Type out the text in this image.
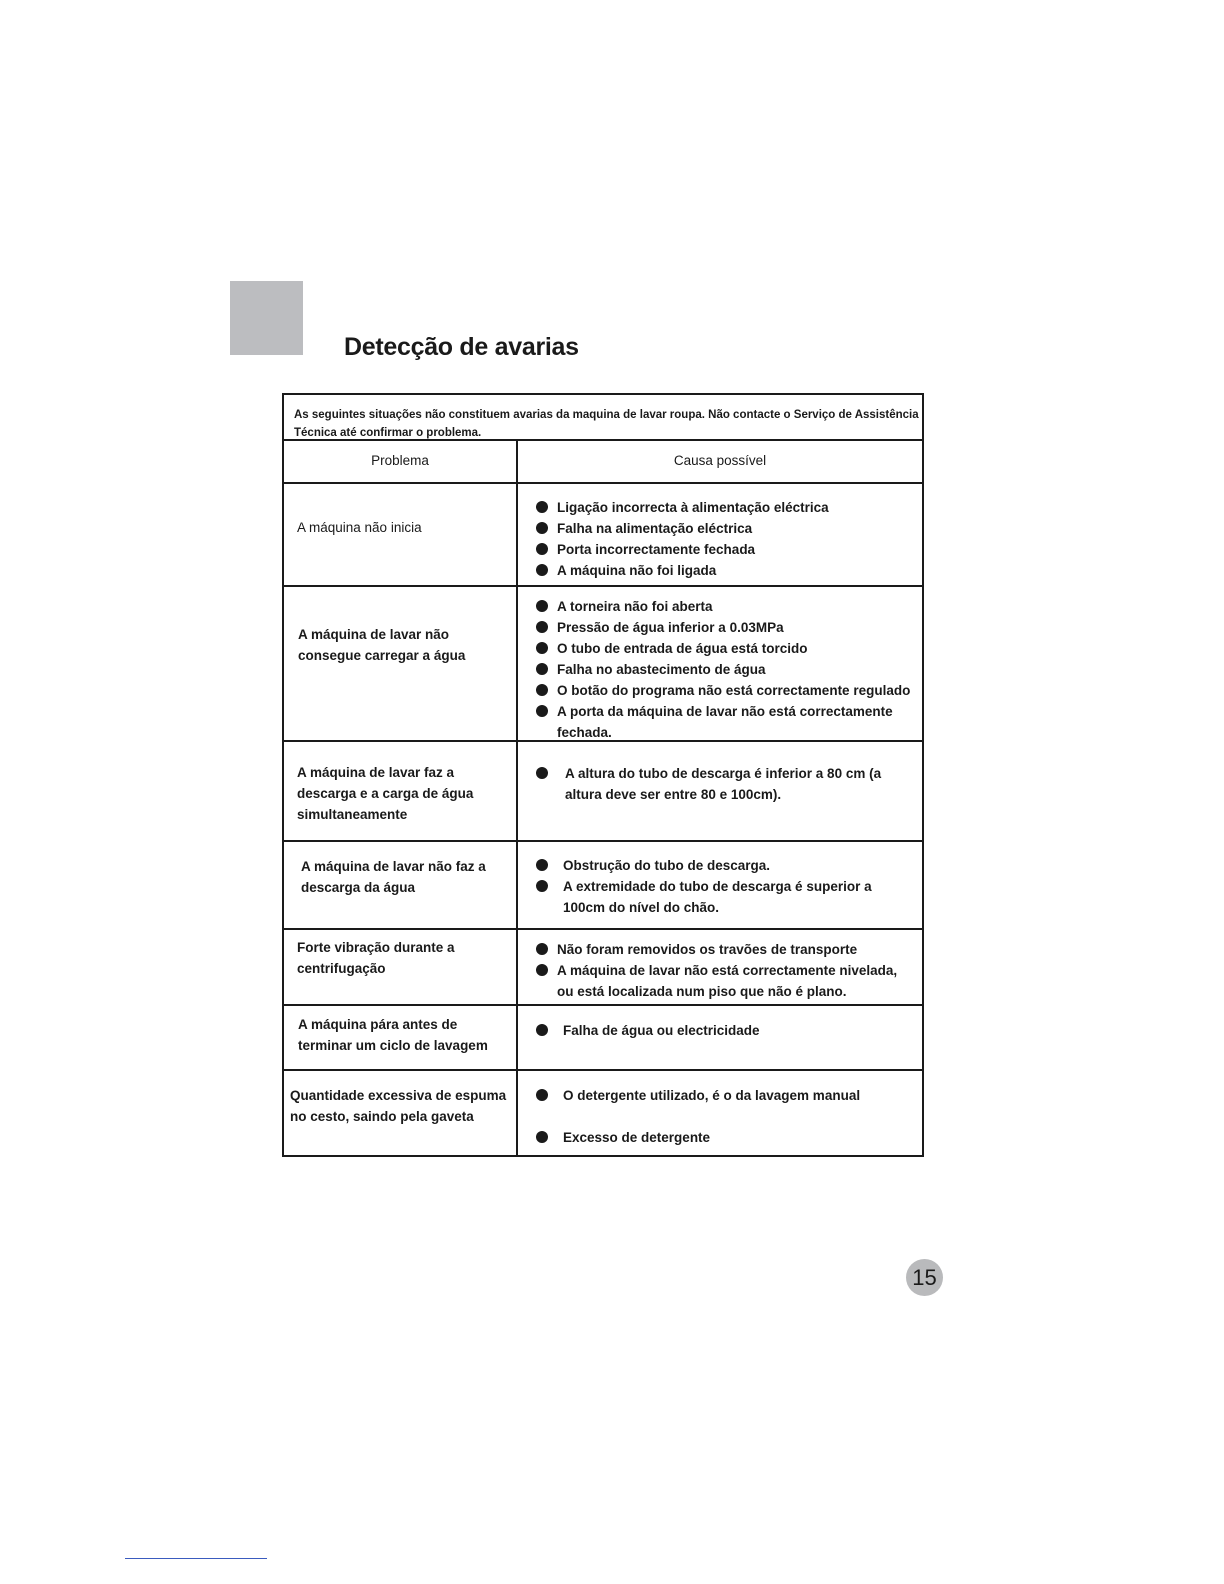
Detecção de avarias
As seguintes situações não constituem avarias da maquina de lavar roupa. Não contacte o Serviço de Assistência Técnica até confirmar o problema.
Problema	Causa possível
A máquina não inicia
Ligação incorrecta à alimentação eléctrica
Falha na alimentação eléctrica
Porta incorrectamente fechada
A máquina não foi ligada
A máquina de lavar não consegue carregar a água
A torneira não foi aberta
Pressão de água inferior a 0.03MPa
O tubo de entrada de água está torcido
Falha no abastecimento de água
O botão do programa não está correctamente regulado
A porta da máquina de lavar não está correctamente fechada.
A máquina de lavar faz a descarga e a carga de água simultaneamente
A altura do tubo de descarga é inferior a 80 cm (a altura deve ser entre 80 e 100cm).
A máquina de lavar não faz a descarga da água
Obstrução do tubo de descarga.
A extremidade do tubo de descarga é superior a 100cm do nível do chão.
Forte vibração durante a centrifugação
Não foram removidos os travões de transporte
A máquina de lavar não está correctamente nivelada, ou está localizada num piso que não é plano.
A máquina pára antes de terminar um ciclo de lavagem
Falha de água ou electricidade
Quantidade excessiva de espuma no cesto, saindo pela gaveta
O detergente utilizado, é o da lavagem manual
Excesso de detergente
15
